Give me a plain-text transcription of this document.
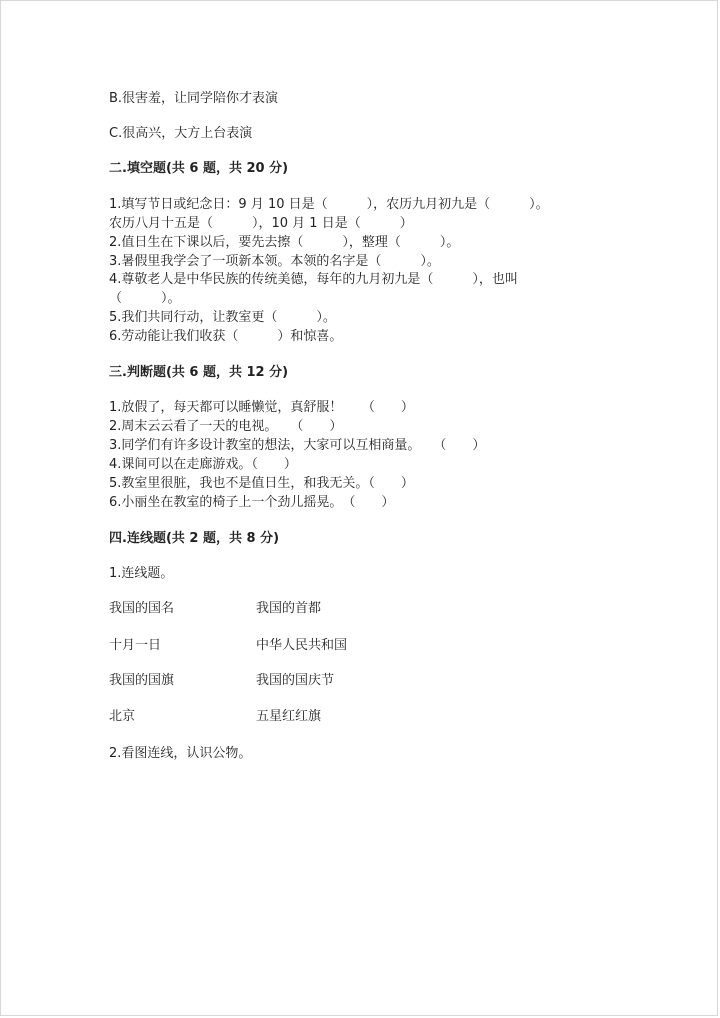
B.很害羞，让同学陪你才表演
C.很高兴，大方上台表演
二.填空题(共 6 题，共 20 分)
1.填写节日或纪念日：9 月 10 日是（　　　），农历九月初九是（　　　）。
农历八月十五是（　　　），10 月 1 日是（　　　）
2.值日生在下课以后，要先去擦（　　　），整理（　　　）。
3.暑假里我学会了一项新本领。本领的名字是（　　　）。
4.尊敬老人是中华民族的传统美德，每年的九月初九是（　　　），也叫
（　　　）。
5.我们共同行动，让教室更（　　　）。
6.劳动能让我们收获（　　　）和惊喜。
三.判断题(共 6 题，共 12 分)
1.放假了，每天都可以睡懒觉，真舒服！　　（　　）
2.周末云云看了一天的电视。　　（　　）
3.同学们有许多设计教室的想法，大家可以互相商量。　　（　　）
4.课间可以在走廊游戏。（　　）
5.教室里很脏，我也不是值日生，和我无关。（　　）
6.小丽坐在教室的椅子上一个劲儿摇晃。　（　　）
四.连线题(共 2 题，共 8 分)
1.连线题。
我国的国名	我国的首都
十月一日	中华人民共和国
我国的国旗	我国的国庆节
北京	五星红红旗
2.看图连线，认识公物。
